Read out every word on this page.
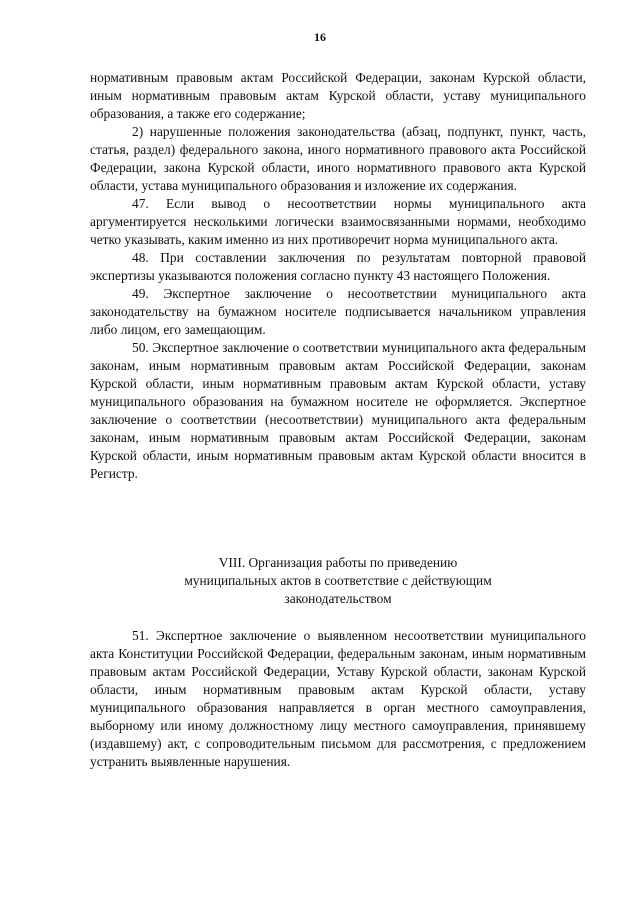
16

нормативным правовым актам Российской Федерации, законам Курской области, иным нормативным правовым актам Курской области, уставу муниципального образования, а также его содержание;

2) нарушенные положения законодательства (абзац, подпункт, пункт, часть, статья, раздел) федерального закона, иного нормативного правового акта Российской Федерации, закона Курской области, иного нормативного правового акта Курской области, устава муниципального образования и изложение их содержания.

47. Если вывод о несоответствии нормы муниципального акта аргументируется несколькими логически взаимосвязанными нормами, необходимо четко указывать, каким именно из них противоречит норма муниципального акта.

48. При составлении заключения по результатам повторной правовой экспертизы указываются положения согласно пункту 43 настоящего Положения.

49. Экспертное заключение о несоответствии муниципального акта законодательству на бумажном носителе подписывается начальником управления либо лицом, его замещающим.

50. Экспертное заключение о соответствии муниципального акта федеральным законам, иным нормативным правовым актам Российской Федерации, законам Курской области, иным нормативным правовым актам Курской области, уставу муниципального образования на бумажном носителе не оформляется. Экспертное заключение о соответствии (несоответствии) муниципального акта федеральным законам, иным нормативным правовым актам Российской Федерации, законам Курской области, иным нормативным правовым актам Курской области вносится в Регистр.

VIII. Организация работы по приведению
муниципальных актов в соответствие с действующим
законодательством

51. Экспертное заключение о выявленном несоответствии муниципального акта Конституции Российской Федерации, федеральным законам, иным нормативным правовым актам Российской Федерации, Уставу Курской области, законам Курской области, иным нормативным правовым актам Курской области, уставу муниципального образования направляется в орган местного самоуправления, выборному или иному должностному лицу местного самоуправления, принявшему (издавшему) акт, с сопроводительным письмом для рассмотрения, с предложением устранить выявленные нарушения.
